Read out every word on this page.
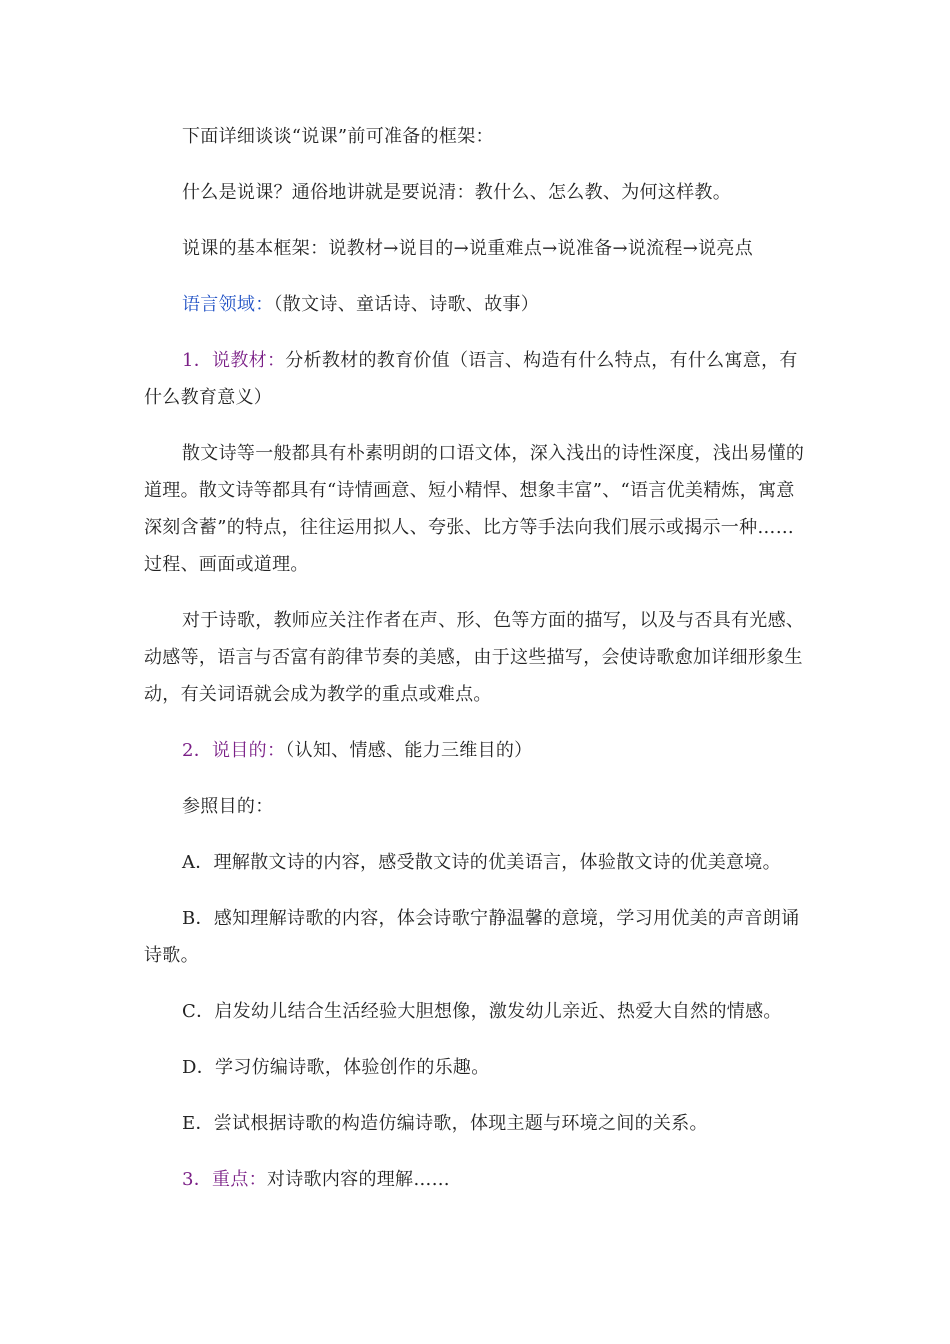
下面详细谈谈“说课”前可准备的框架：

什么是说课？通俗地讲就是要说清：教什么、怎么教、为何这样教。

说课的基本框架：说教材→说目的→说重难点→说准备→说流程→说亮点

语言领域：（散文诗、童话诗、诗歌、故事）

1．说教材：分析教材的教育价值（语言、构造有什么特点，有什么寓意，有什么教育意义）

散文诗等一般都具有朴素明朗的口语文体，深入浅出的诗性深度，浅出易懂的道理。散文诗等都具有“诗情画意、短小精悍、想象丰富”、“语言优美精炼，寓意深刻含蓄”的特点，往往运用拟人、夸张、比方等手法向我们展示或揭示一种……过程、画面或道理。

对于诗歌，教师应关注作者在声、形、色等方面的描写，以及与否具有光感、动感等，语言与否富有韵律节奏的美感，由于这些描写，会使诗歌愈加详细形象生动，有关词语就会成为教学的重点或难点。

2．说目的：（认知、情感、能力三维目的）

参照目的：

A．理解散文诗的内容，感受散文诗的优美语言，体验散文诗的优美意境。

B．感知理解诗歌的内容，体会诗歌宁静温馨的意境，学习用优美的声音朗诵诗歌。

C．启发幼儿结合生活经验大胆想像，激发幼儿亲近、热爱大自然的情感。

D．学习仿编诗歌，体验创作的乐趣。

E．尝试根据诗歌的构造仿编诗歌，体现主题与环境之间的关系。

3．重点：对诗歌内容的理解……
